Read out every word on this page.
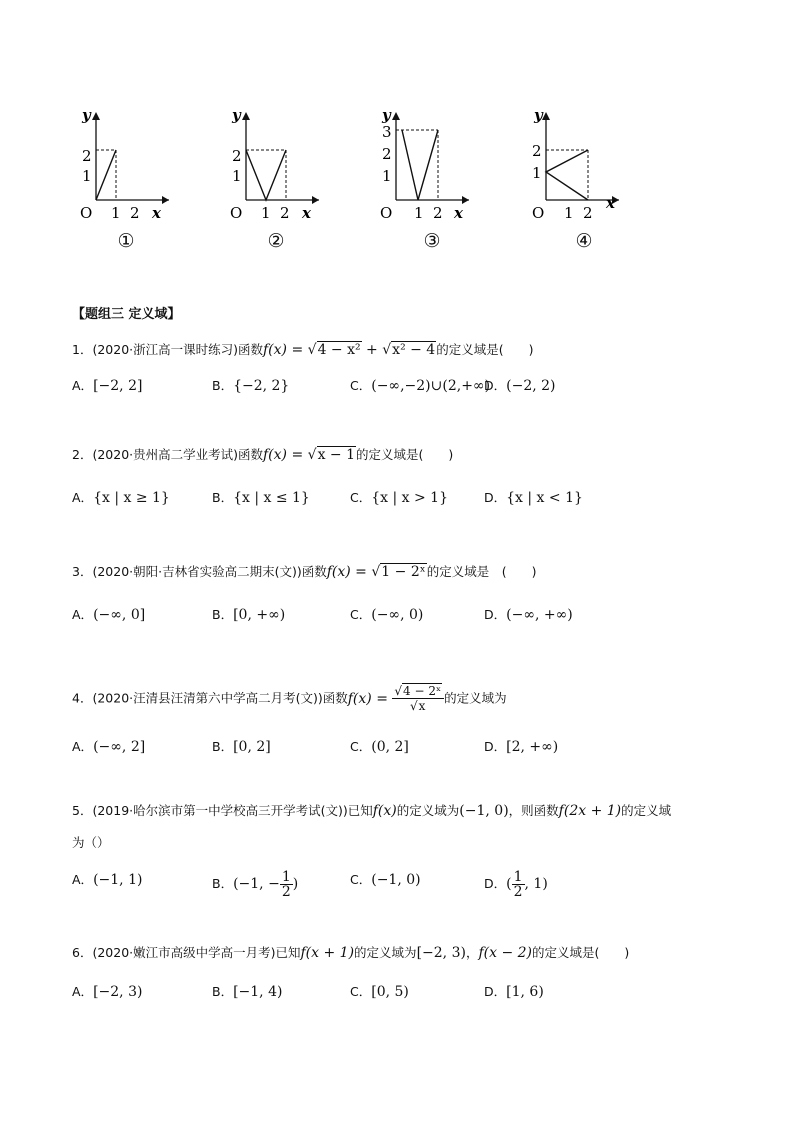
y
x
O
1
2
1 2
①
y
x
O
1
2
1 2
②
y
x
O
1
2
3
1 2
③
y
x
O
1
2
1 2
④
【题组三 定义域】
1．(2020·浙江高一课时练习)函数f(x) = √4 − x² + √x² − 4的定义域是(　　)
A．[−2, 2]	B．{−2, 2}	C．(−∞,−2)∪(2,+∞)
D．(−2, 2)
2．(2020·贵州高二学业考试)函数f(x) = √x − 1的定义域是(　　)
A．{x | x ≥ 1}	B．{x | x ≤ 1}	C．{x | x > 1}	D．{x | x < 1}
3．(2020·朝阳·吉林省实验高二期末(文))函数f(x) = √1 − 2ˣ的定义域是　(　　)
A．(−∞, 0]	B．[0, +∞)	C．(−∞, 0)	D．(−∞, +∞)
4．(2020·汪清县汪清第六中学高二月考(文))函数$f(x) = \frac{\text{√4 − 2ˣ}}{√x}$ 的定义域为
A．(−∞, 2]	B．[0, 2]	C．(0, 2]	D．[2, +∞)
5．(2019·哈尔滨市第一中学校高三开学考试(文))已知f(x)的定义域为(−1, 0)，则函数f(2x + 1)的定义域
为（）
A．(−1, 1)	B．(−1, − $\frac{1}{2}$ )	C．(−1, 0)	D．( $\frac{1}{2}$ , 1)
6．(2020·嫩江市高级中学高一月考)已知f(x + 1)的定义域为[−2, 3)，f(x − 2)的定义域是(　　)
A．[−2, 3)	B．[−1, 4)	C．[0, 5)	D．[1, 6)
